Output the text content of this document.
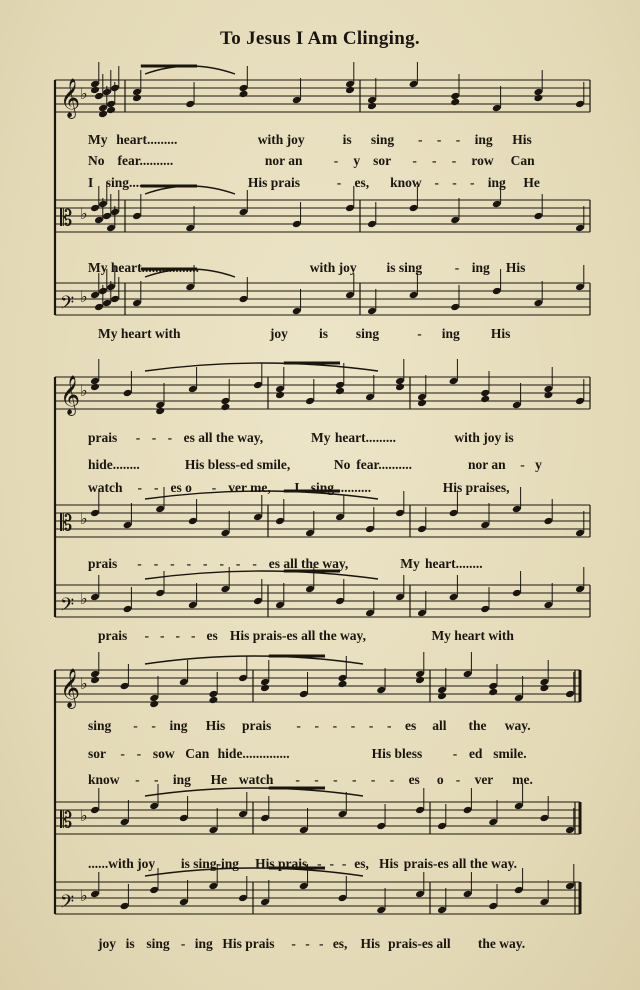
To Jesus I Am Clinging.
𝄞 ♭
𝄡 ♭
𝄢 ♭
𝄞 ♭
𝄡 ♭
𝄢 ♭
𝄞 ♭
𝄡 ♭
𝄢 ♭
My heart.........	with joy	is sing - - - ing His
No fear..........	nor an - y sor - - - row Can
I sing...........	His prais	- es, know - - - ing He
My heart.................	with joy is sing - ing His
My heart with	joy is sing	- ing His
prais - - - es all the way,	My heart.........	with joy is
hide........	His bless-ed smile,	No fear..........	nor an - y
watch - - es o - ver me, I sing...........	His praises,
prais - - - - - - - - es all the way,	My heart........
prais - - - - es His prais-es all the way,	My heart with
sing - - ing His prais - - - - - - es all the way.
sor - - sow Can hide..............	His bless - ed smile.
know - - ing He watch - - - - - - es o - ver me.
......with joy is sing-ing His prais - - - es, His prais-es all the way.
joy is sing - ing His prais - - - es, His prais-es all the way.
